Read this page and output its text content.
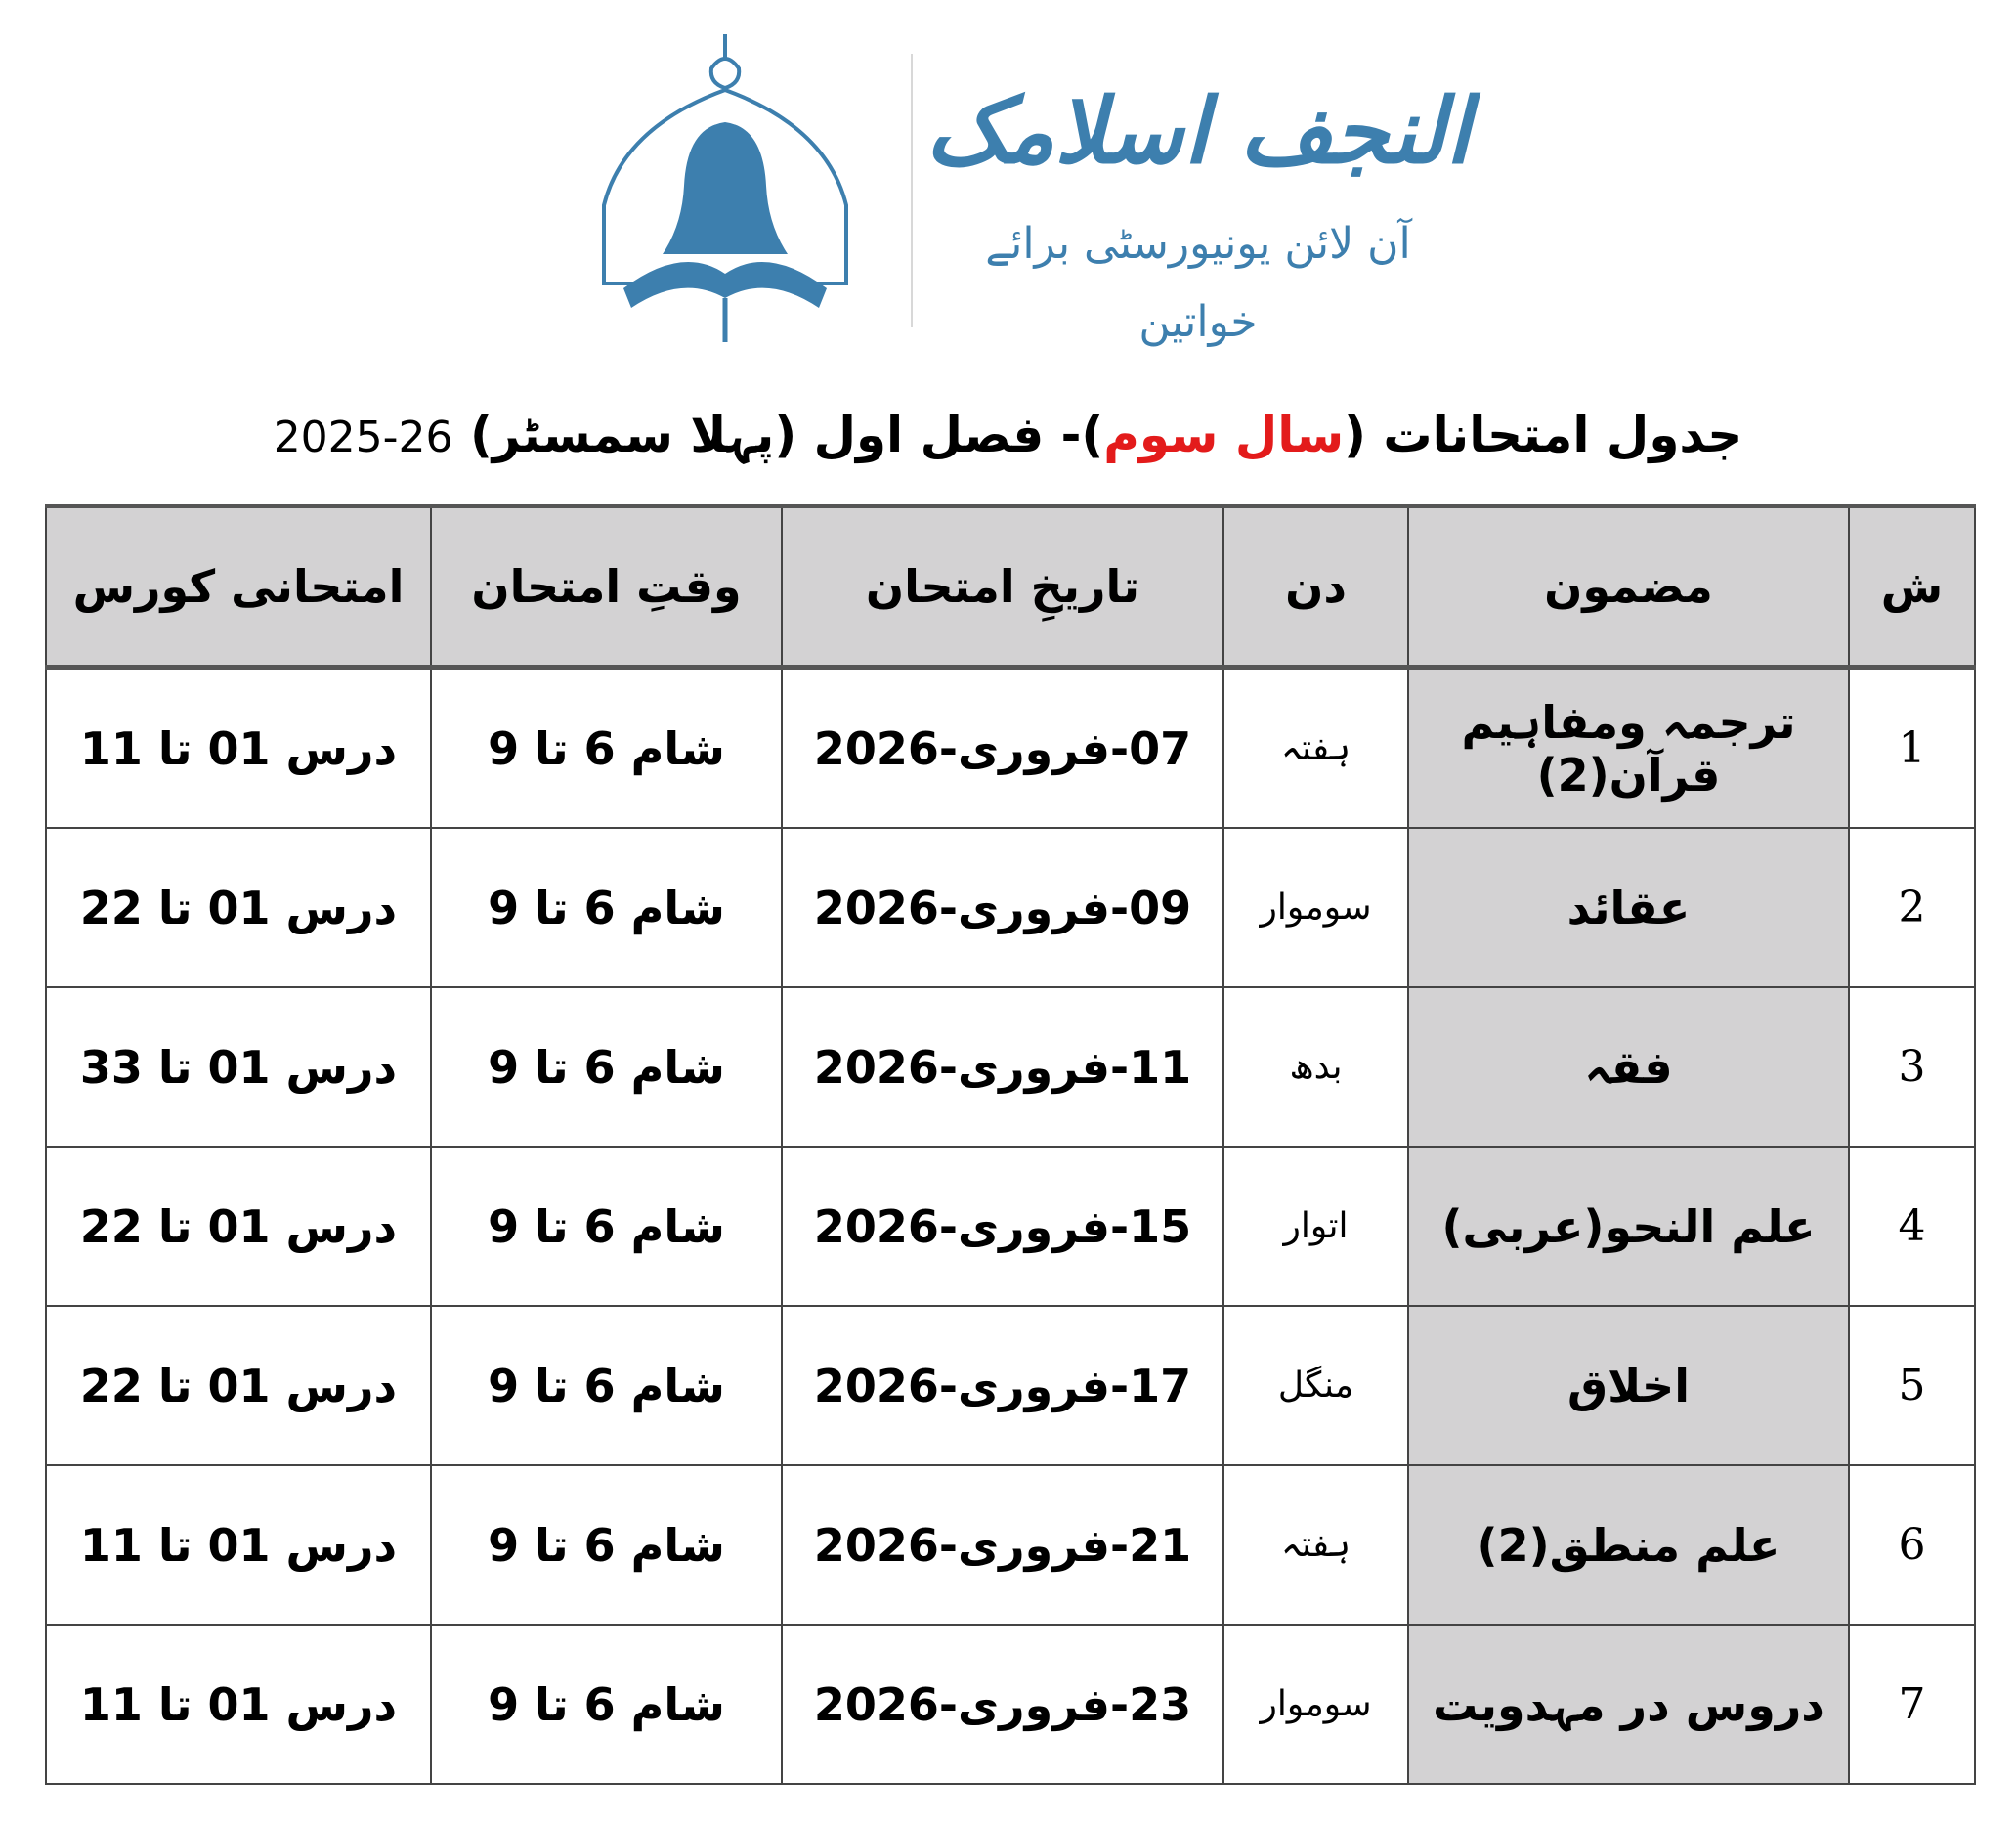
النجف اسلامک
آن لائن یونیورسٹی برائے خواتین
جدول امتحانات (سال سوم)- فصل اول (پہلا سمسٹر) 2025-26
ش	مضمون	دن	تاریخِ امتحان	وقتِ امتحان	امتحانی کورس
1	ترجمہ ومفاہیم قرآن(2)	ہفتہ	07-فروری-2026	شام 6 تا 9	درس 01 تا 11
2	عقائد	سوموار	09-فروری-2026	شام 6 تا 9	درس 01 تا 22
3	فقہ	بدھ	11-فروری-2026	شام 6 تا 9	درس 01 تا 33
4	علم النحو(عربی)	اتوار	15-فروری-2026	شام 6 تا 9	درس 01 تا 22
5	اخلاق	منگل	17-فروری-2026	شام 6 تا 9	درس 01 تا 22
6	علم منطق(2)	ہفتہ	21-فروری-2026	شام 6 تا 9	درس 01 تا 11
7	دروس در مہدویت	سوموار	23-فروری-2026	شام 6 تا 9	درس 01 تا 11
